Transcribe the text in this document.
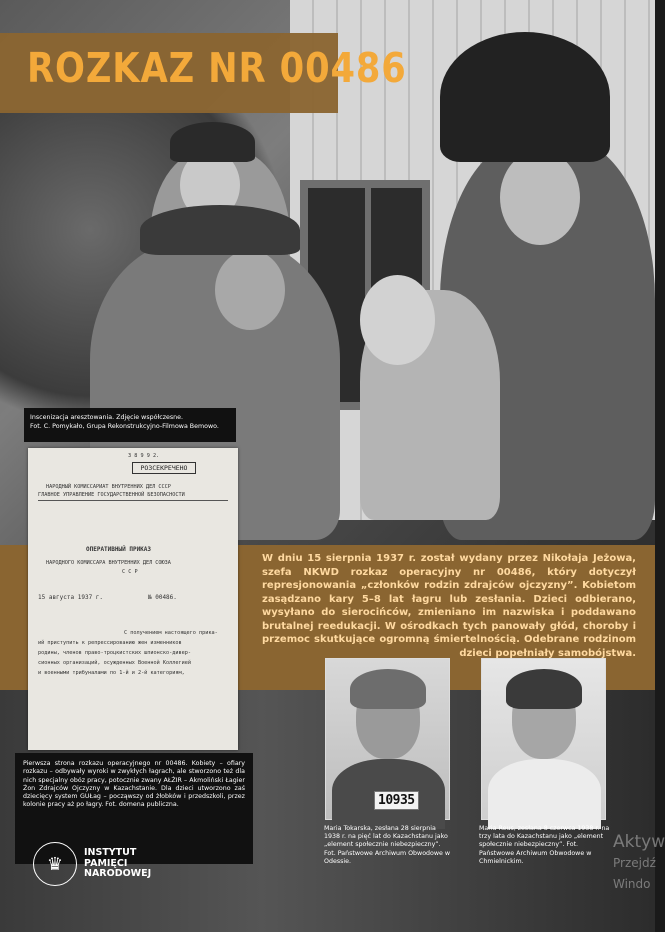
ROZKAZ NR 00486
Inscenizacja aresztowania. Zdjęcie współczesne.
Fot. C. Pomykało, Grupa Rekonstrukcyjno-Filmowa Bemowo.
W dniu 15 sierpnia 1937 r. został wydany przez Nikołaja Jeżowa, szefa NKWD rozkaz operacyjny nr 00486, który dotyczył represjonowania „członków rodzin zdrajców ojczyzny”. Kobietom zasądzano kary 5–8 lat łagru lub zesłania. Dzieci odbierano, wysyłano do sierocińców, zmieniano im nazwiska i poddawano brutalnej reedukacji. W ośrodkach tych panowały głód, choroby i przemoc skutkujące ogromną śmiertelnością. Odebrane rodzinom dzieci popełniały samobójstwa.
3 8 9 9 2.
РОЗСЕКРЕЧЕНО
НАРОДНЫЙ КОМИССАРИАТ ВНУТРЕННИХ ДЕЛ СССР
ГЛАВНОЕ УПРАВЛЕНИЕ ГОСУДАРСТВЕННОЙ БЕЗОПАСНОСТИ
ОПЕРАТИВНЫЙ ПРИКАЗ
НАРОДНОГО КОМИССАРА ВНУТРЕННИХ ДЕЛ СОЮЗА
С С Р
15 августа 1937 г.	№ 00486.
С получением настоящего прика-
ий приступить к репрессированию жен изменников
родины, членов право-троцкистских шпионско-дивер-
сионных организаций, осужденных Военной Коллегией
и военными трибуналами по 1-й и 2-й категориям,
Pierwsza strona rozkazu operacyjnego nr 00486. Kobiety – ofiary rozkazu – odbywały wyroki w zwykłych łagrach, ale stworzono też dla nich specjalny obóz pracy, potocznie zwany AŁŻIR – Akmoliński Łagier Żon Zdrajców Ojczyzny w Kazachstanie. Dla dzieci utworzono zaś dziecięcy system GUŁag – począwszy od żłobków i przedszkoli, przez kolonie pracy aż po łagry. Fot. domena publiczna.	10935
Maria Tokarska, zesłana 28 sierpnia 1938 r. na pięć lat do Kazachstanu jako „element społecznie niebezpieczny”. Fot. Państwowe Archiwum Obwodowe w Odessie.
Maria Reus, zesłana 8 czerwca 1938 r. na trzy lata do Kazachstanu jako „element społecznie niebezpieczny”. Fot. Państwowe Archiwum Obwodowe w Chmielnickim.
♛
INSTYTUT
PAMIĘCI
NARODOWEJ
Aktyw
Przejdź
Windo
